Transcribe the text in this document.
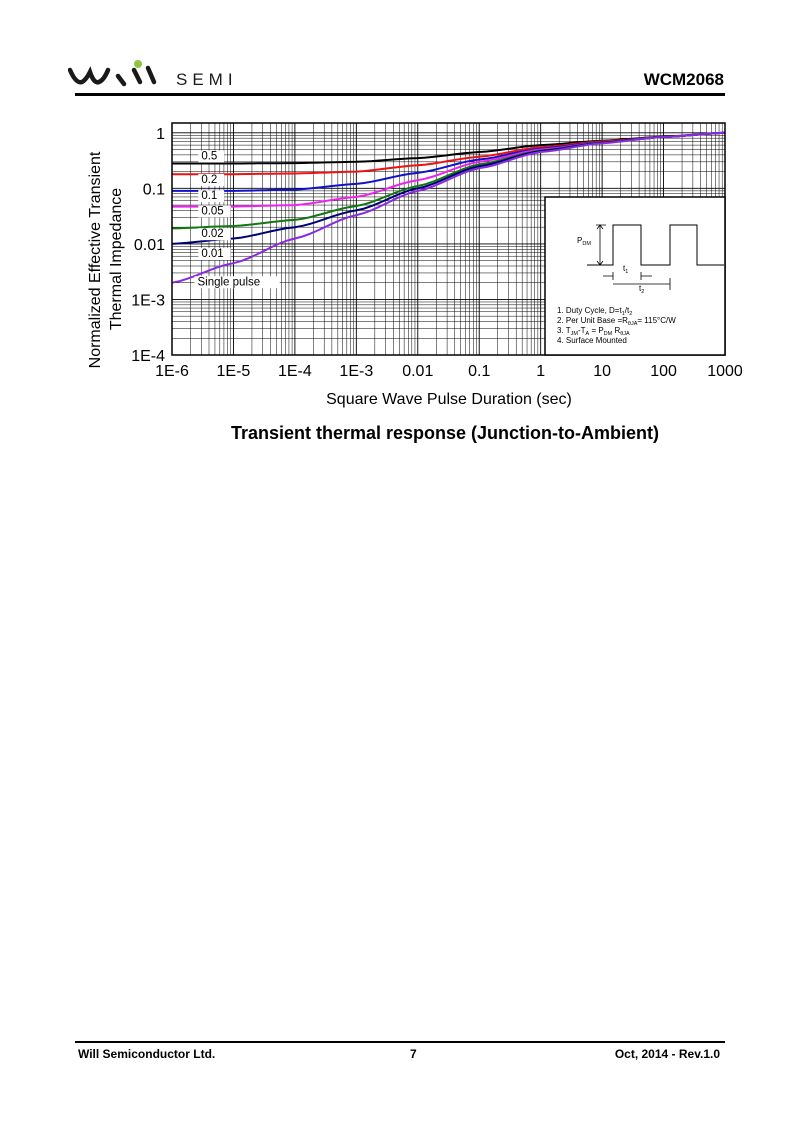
SEMI	WCM2068
0.5
0.2
0.1
0.05
0.02
0.01
Single pulse
$P_{DM}$
$t_1$
$t_2$
1. Duty Cycle, $D=t_1/t_2$
2. Per Unit Base $=R_{\theta JA}= 115^\circ C/W$
3. $T_{JM}-T_A = P_{DM}$ $R_{\theta JA}$
4. Surface Mounted
1E-6 1E-5 1E-4 1E-3 0.01 0.1	1	10 100 1000
1
0.1
0.01
1E-3
1E-4
Square Wave Pulse Duration (sec)
Normalized Effective Transient Thermal Impedance
Transient thermal response (Junction-to-Ambient)
Will Semiconductor Ltd.	7	Oct, 2014 - Rev.1.0
